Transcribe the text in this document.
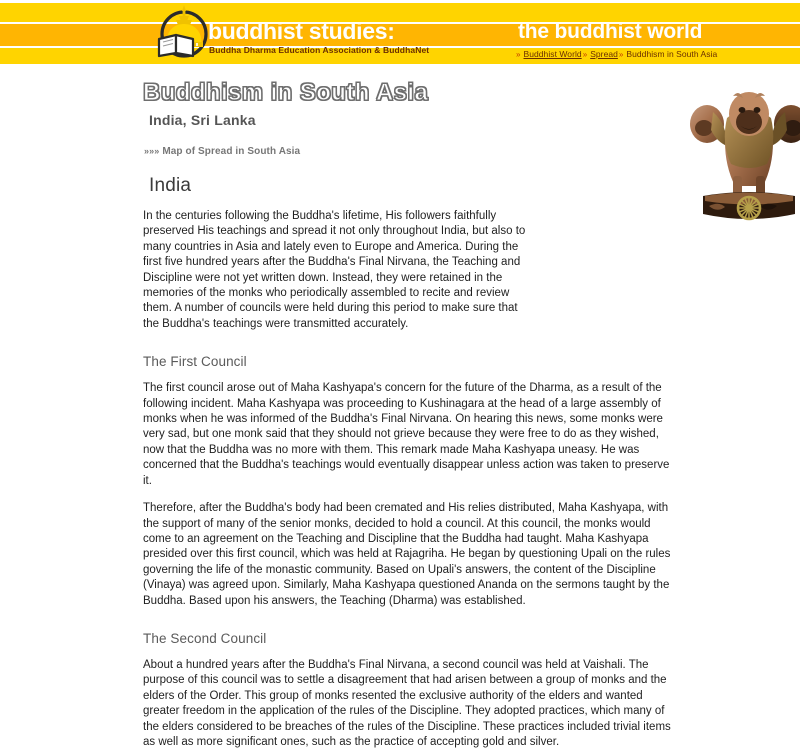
buddhist studies:
Buddha Dharma Education Association & BuddhaNet
the buddhist world
» Buddhist World» Spread» Buddhism in South Asia
Buddhism in South Asia
India, Sri Lanka
»»» Map of Spread in South Asia
India

In the centuries following the Buddha's lifetime, His followers faithfully preserved His teachings and spread it not only throughout India, but also to many countries in Asia and lately even to Europe and America. During the first five hundred years after the Buddha's Final Nirvana, the Teaching and Discipline were not yet written down. Instead, they were retained in the memories of the monks who periodically assembled to recite and review them. A number of councils were held during this period to make sure that the Buddha's teachings were transmitted accurately.

The First Council

The first council arose out of Maha Kashyapa's concern for the future of the Dharma, as a result of the following incident. Maha Kashyapa was proceeding to Kushinagara at the head of a large assembly of monks when he was informed of the Buddha's Final Nirvana. On hearing this news, some monks were very sad, but one monk said that they should not grieve because they were free to do as they wished, now that the Buddha was no more with them. This remark made Maha Kashyapa uneasy. He was concerned that the Buddha's teachings would eventually disappear unless action was taken to preserve it.

Therefore, after the Buddha's body had been cremated and His relies distributed, Maha Kashyapa, with the support of many of the senior monks, decided to hold a council. At this council, the monks would come to an agreement on the Teaching and Discipline that the Buddha had taught. Maha Kashyapa presided over this first council, which was held at Rajagriha. He began by questioning Upali on the rules governing the life of the monastic community. Based on Upali's answers, the content of the Discipline (Vinaya) was agreed upon. Similarly, Maha Kashyapa questioned Ananda on the sermons taught by the Buddha. Based upon his answers, the Teaching (Dharma) was established.

The Second Council

About a hundred years after the Buddha's Final Nirvana, a second council was held at Vaishali. The purpose of this council was to settle a disagreement that had arisen between a group of monks and the elders of the Order. This group of monks resented the exclusive authority of the elders and wanted greater freedom in the application of the rules of the Discipline. They adopted practices, which many of the elders considered to be breaches of the rules of the Discipline. These practices included trivial items as well as more significant ones, such as the practice of accepting gold and silver.
